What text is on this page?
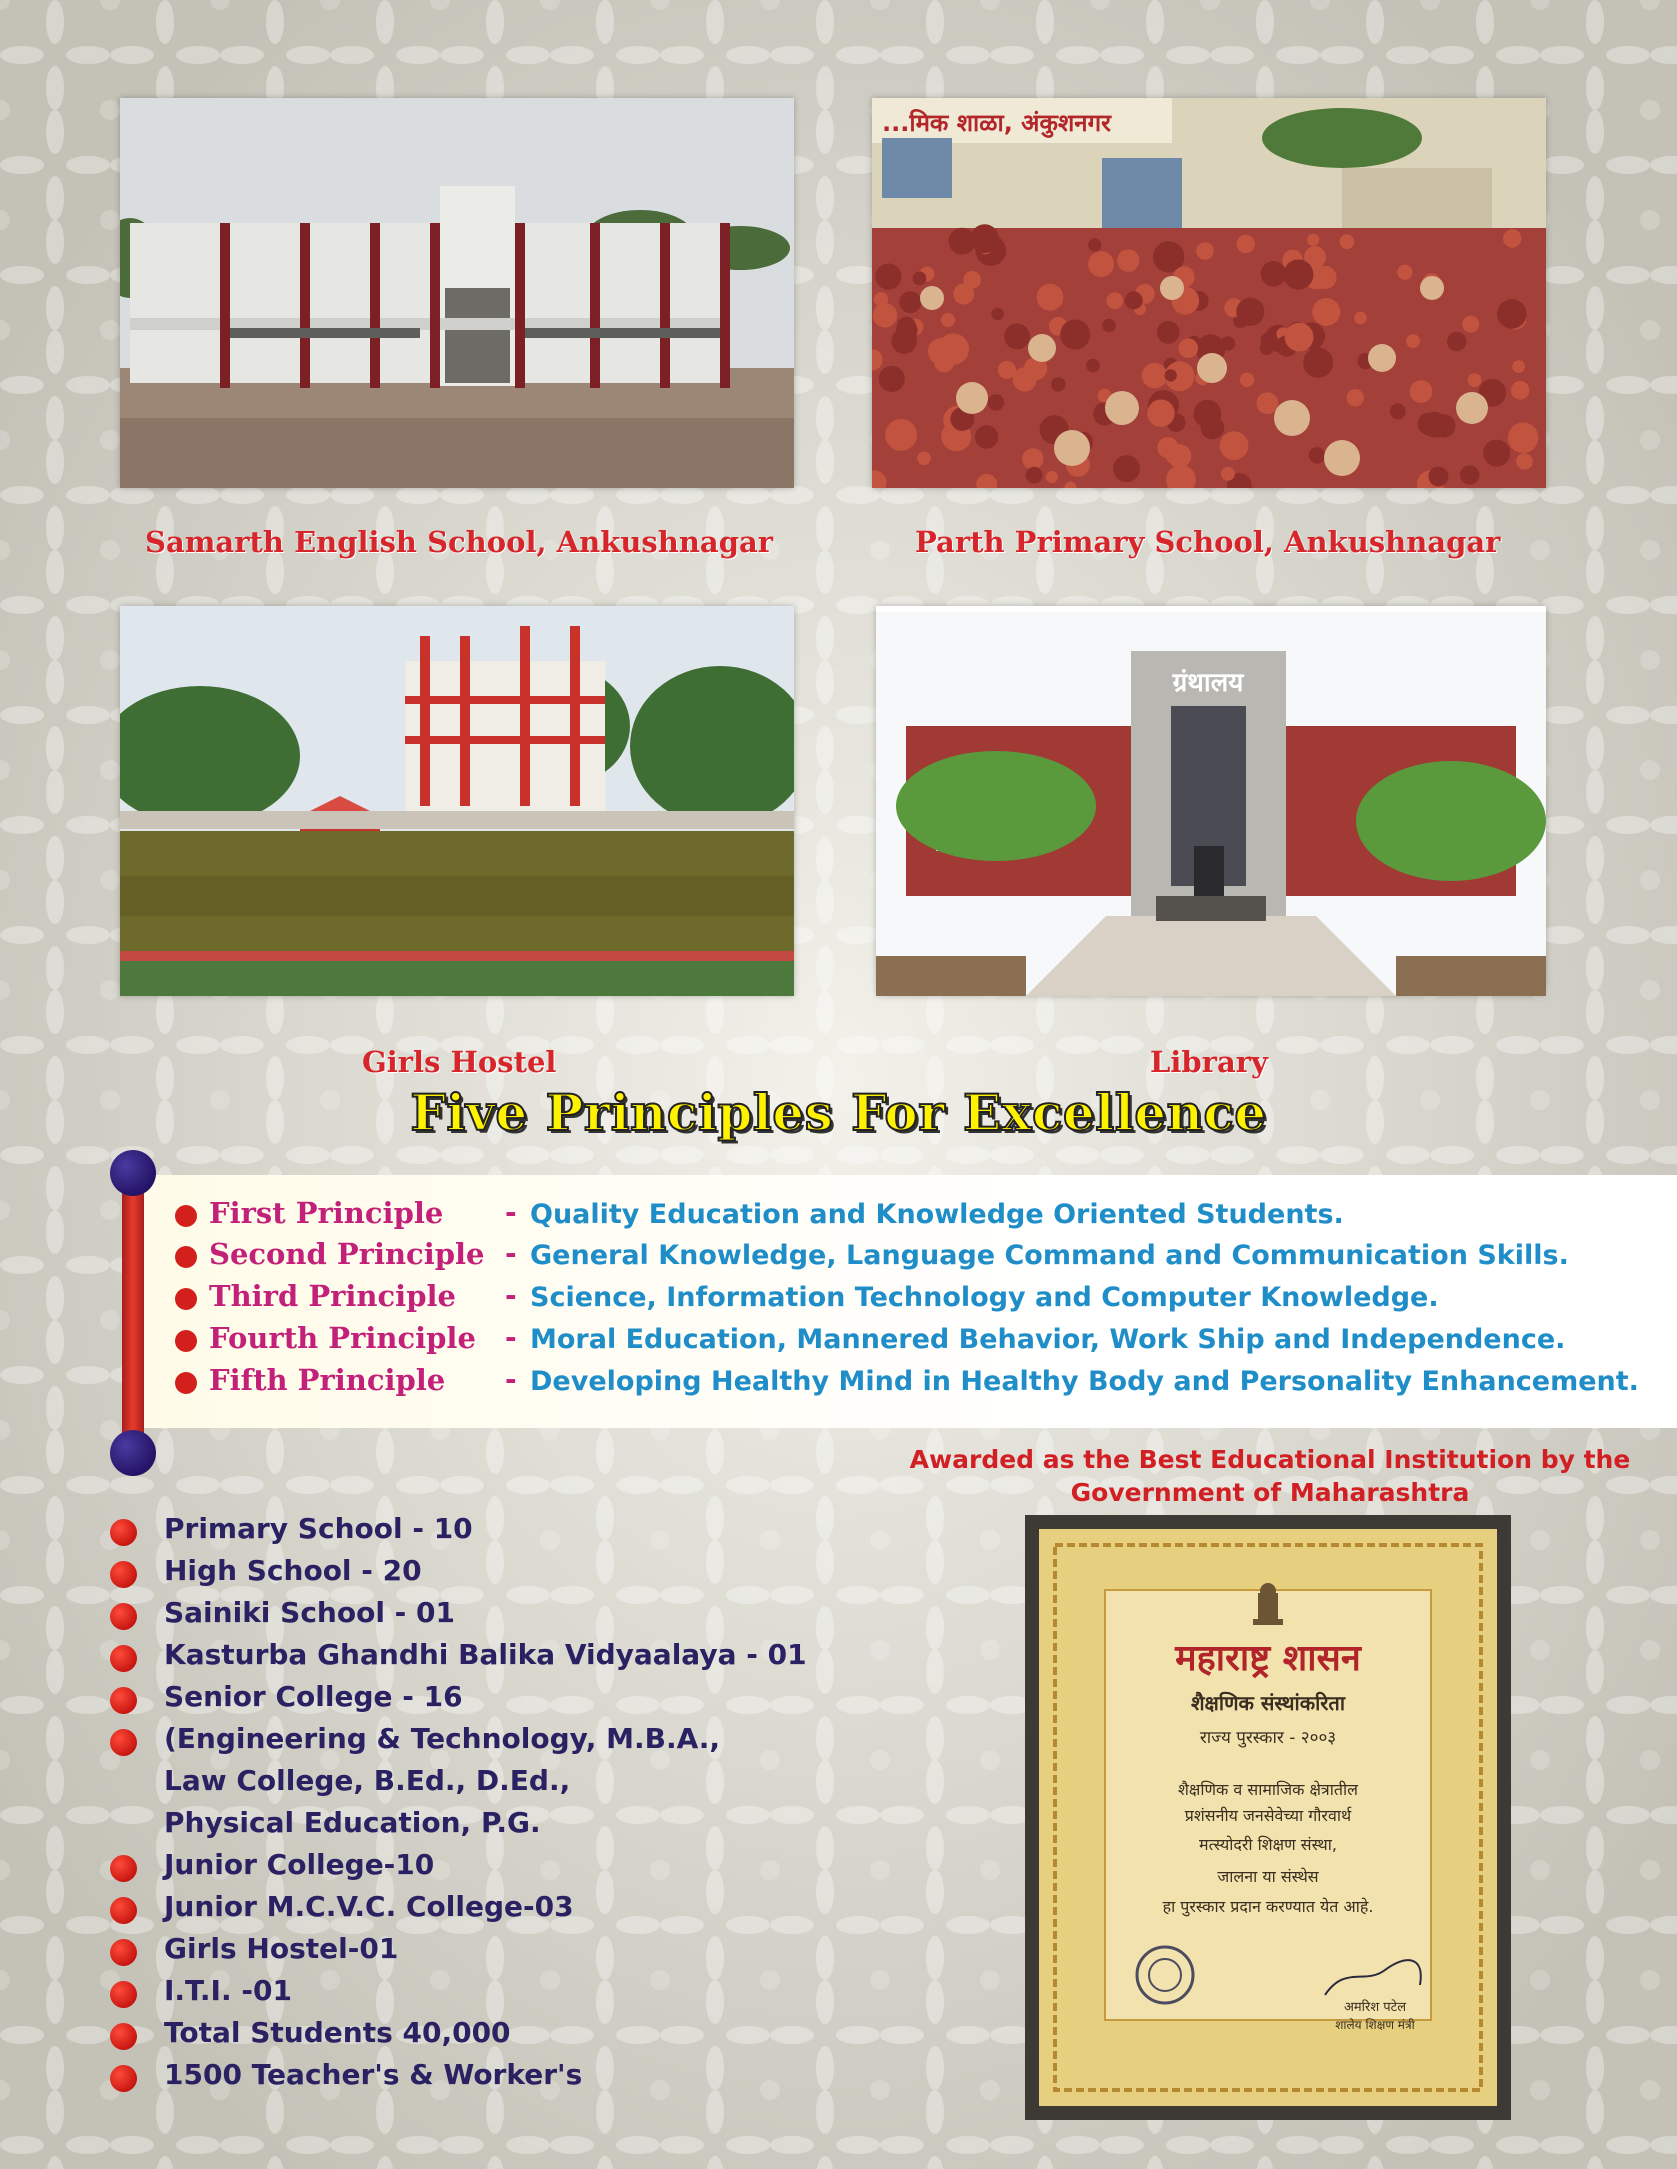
...मिक शाळा, अंकुशनगर
Samarth English School, Ankushnagar	Parth Primary School, Ankushnagar
ग्रंथालय
Girls Hostel	Library
Five Principles For Excellence
First Principle - Quality Education and Knowledge Oriented Students.
Second Principle - General Knowledge, Language Command and Communication Skills.
Third Principle - Science, Information Technology and Computer Knowledge.
Fourth Principle - Moral Education, Mannered Behavior, Work Ship and Independence.
Fifth Principle - Developing Healthy Mind in Healthy Body and Personality Enhancement.
Awarded as the Best Educational Institution by the
Government of Maharashtra
महाराष्ट्र शासन
शैक्षणिक संस्थांकरिता
राज्य पुरस्कार - २००३
शैक्षणिक व सामाजिक क्षेत्रातील
प्रशंसनीय जनसेवेच्या गौरवार्थ
मत्स्योदरी शिक्षण संस्था,
जालना या संस्थेस
हा पुरस्कार प्रदान करण्यात येत आहे.
अमरिश पटेल
शालेय शिक्षण मंत्री
Primary School - 10
High School - 20
Sainiki School - 01
Kasturba Ghandhi Balika Vidyaalaya - 01
Senior College - 16
(Engineering & Technology, M.B.A.,
Law College, B.Ed., D.Ed.,
Physical Education, P.G.
Junior College-10
Junior M.C.V.C. College-03
Girls Hostel-01
I.T.I. -01
Total Students 40,000
1500 Teacher's & Worker's
